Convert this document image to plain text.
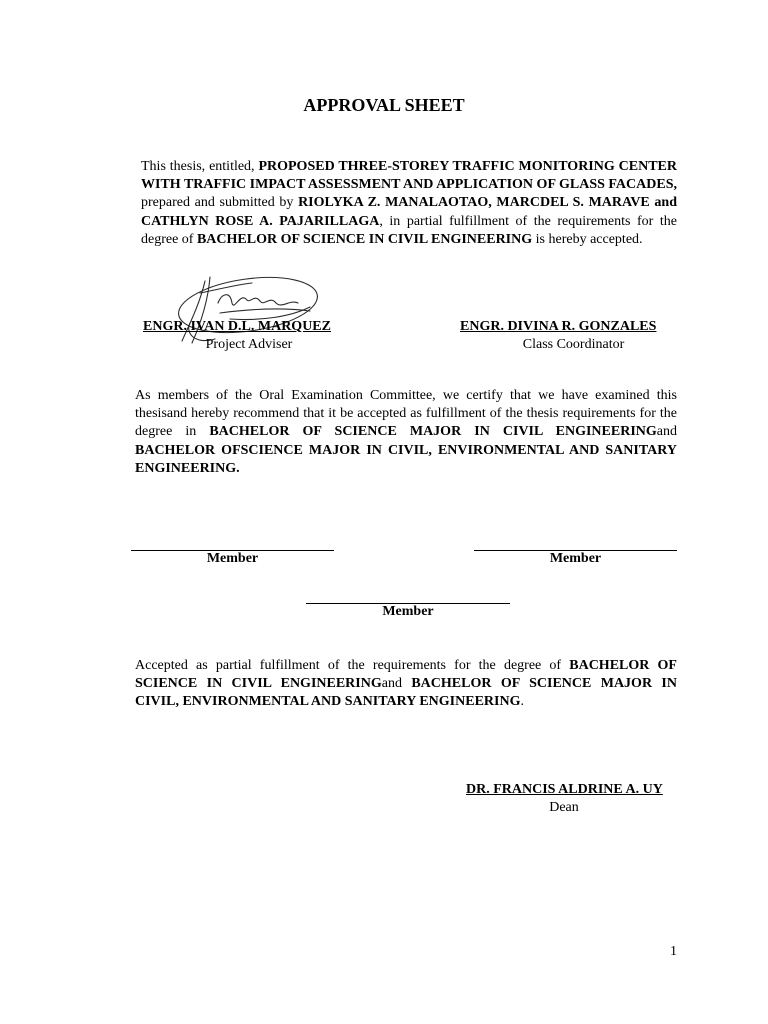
APPROVAL SHEET
This thesis, entitled, PROPOSED THREE-STOREY TRAFFIC MONITORING CENTER WITH TRAFFIC IMPACT ASSESSMENT AND APPLICATION OF GLASS FACADES, prepared and submitted by RIOLYKA Z. MANALAOTAO, MARCDEL S. MARAVE and CATHLYN ROSE A. PAJARILLAGA, in partial fulfillment of the requirements for the degree of BACHELOR OF SCIENCE IN CIVIL ENGINEERING is hereby accepted.
ENGR. IVAN D.L. MARQUEZ
Project Adviser
ENGR. DIVINA R. GONZALES
Class Coordinator
As members of the Oral Examination Committee, we certify that we have examined this thesisand hereby recommend that it be accepted as fulfillment of the thesis requirements for the degree in BACHELOR OF SCIENCE MAJOR IN CIVIL ENGINEERINGand BACHELOR OFSCIENCE MAJOR IN CIVIL, ENVIRONMENTAL AND SANITARY ENGINEERING.
Member	Member
Member
Accepted as partial fulfillment of the requirements for the degree of BACHELOR OF SCIENCE IN CIVIL ENGINEERINGand BACHELOR OF SCIENCE MAJOR IN CIVIL, ENVIRONMENTAL AND SANITARY ENGINEERING.
DR. FRANCIS ALDRINE A. UY
Dean
1
